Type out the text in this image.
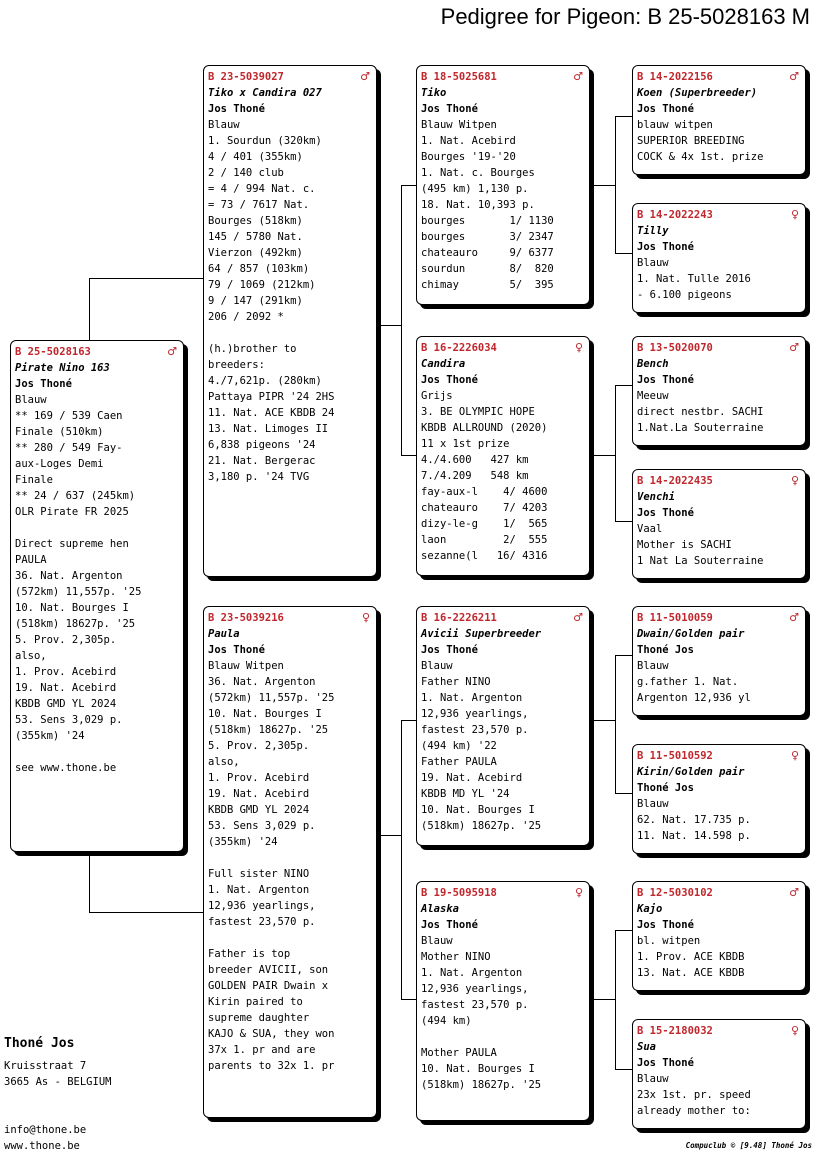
Pedigree for Pigeon: B 25-5028163 M
B 25-5028163	♂
Pirate Nino 163
Jos Thoné
Blauw
** 169 / 539 Caen
Finale (510km)
** 280 / 549 Fay-
aux-Loges Demi
Finale
** 24 / 637 (245km)
OLR Pirate FR 2025
Direct supreme hen
PAULA
36. Nat. Argenton
(572km) 11,557p. '25
10. Nat. Bourges I
(518km) 18627p. '25
5. Prov. 2,305p.
also,
1. Prov. Acebird
19. Nat. Acebird
KBDB GMD YL 2024
53. Sens 3,029 p.
(355km) '24
see www.thone.be
B 23-5039027	♂
Tiko x Candira 027
Jos Thoné
Blauw
1. Sourdun (320km)
4 / 401 (355km)
2 / 140 club
= 4 / 994 Nat. c.
= 73 / 7617 Nat.
Bourges (518km)
145 / 5780 Nat.
Vierzon (492km)
64 / 857 (103km)
79 / 1069 (212km)
9 / 147 (291km)
206 / 2092 *
(h.)brother to
breeders:
4./7,621p. (280km)
Pattaya PIPR '24 2HS
11. Nat. ACE KBDB 24
13. Nat. Limoges II
6,838 pigeons '24
21. Nat. Bergerac
3,180 p. '24 TVG
B 23-5039216	♀
Paula
Jos Thoné
Blauw Witpen
36. Nat. Argenton
(572km) 11,557p. '25
10. Nat. Bourges I
(518km) 18627p. '25
5. Prov. 2,305p.
also,
1. Prov. Acebird
19. Nat. Acebird
KBDB GMD YL 2024
53. Sens 3,029 p.
(355km) '24
Full sister NINO
1. Nat. Argenton
12,936 yearlings,
fastest 23,570 p.
Father is top
breeder AVICII, son
GOLDEN PAIR Dwain x
Kirin paired to
supreme daughter
KAJO & SUA, they won
37x 1. pr and are
parents to 32x 1. pr
B 18-5025681	♂
Tiko
Jos Thoné
Blauw Witpen
1. Nat. Acebird
Bourges '19-'20
1. Nat. c. Bourges
(495 km) 1,130 p.
18. Nat. 10,393 p.
bourges       1/ 1130
bourges       3/ 2347
chateauro     9/ 6377
sourdun       8/  820
chimay        5/  395
B 16-2226034	♀
Candira
Jos Thoné
Grijs
3. BE OLYMPIC HOPE
KBDB ALLROUND (2020)
11 x 1st prize
4./4.600   427 km
7./4.209   548 km
fay-aux-l    4/ 4600
chateauro    7/ 4203
dizy-le-g    1/  565
laon         2/  555
sezanne(l   16/ 4316
B 16-2226211	♂
Avicii Superbreeder
Jos Thoné
Blauw
Father NINO
1. Nat. Argenton
12,936 yearlings,
fastest 23,570 p.
(494 km) '22
Father PAULA
19. Nat. Acebird
KBDB MD YL '24
10. Nat. Bourges I
(518km) 18627p. '25
B 19-5095918	♀
Alaska
Jos Thoné
Blauw
Mother NINO
1. Nat. Argenton
12,936 yearlings,
fastest 23,570 p.
(494 km)
Mother PAULA
10. Nat. Bourges I
(518km) 18627p. '25
B 14-2022156	♂
Koen (Superbreeder)
Jos Thoné
blauw witpen
SUPERIOR BREEDING
COCK & 4x 1st. prize
B 14-2022243	♀
Tilly
Jos Thoné
Blauw
1. Nat. Tulle 2016
- 6.100 pigeons
B 13-5020070	♂
Bench
Jos Thoné
Meeuw
direct nestbr. SACHI
1.Nat.La Souterraine
B 14-2022435	♀
Venchi
Jos Thoné
Vaal
Mother is SACHI
1 Nat La Souterraine
B 11-5010059	♂
Dwain/Golden pair
Thoné Jos
Blauw
g.father 1. Nat.
Argenton 12,936 yl
B 11-5010592	♀
Kirin/Golden pair
Thoné Jos
Blauw
62. Nat. 17.735 p.
11. Nat. 14.598 p.
B 12-5030102	♂
Kajo
Jos Thoné
bl. witpen
1. Prov. ACE KBDB
13. Nat. ACE KBDB
B 15-2180032	♀
Sua
Jos Thoné
Blauw
23x 1st. pr. speed
already mother to:
Thoné Jos
Kruisstraat 7
3665 As - BELGIUM
info@thone.be
www.thone.be	Compuclub © [9.48] Thoné Jos
